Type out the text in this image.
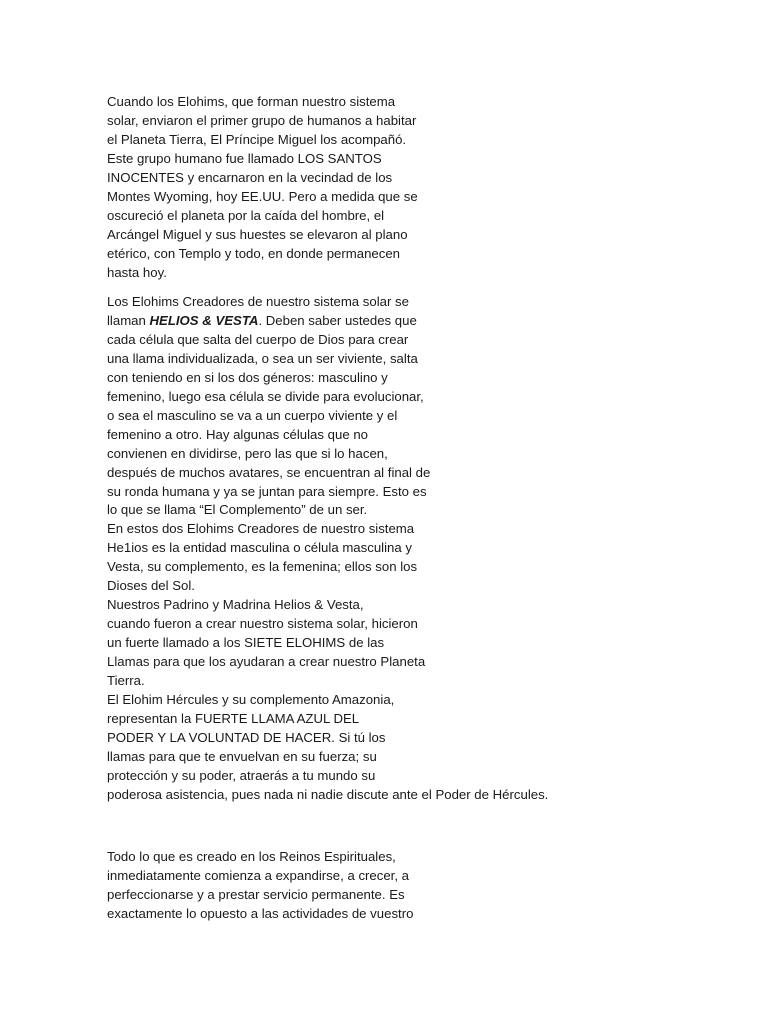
Cuando los Elohims, que forman nuestro sistema
solar, enviaron el primer grupo de humanos a habitar
el Planeta Tierra, El Príncipe Miguel los acompañó.
Este grupo humano fue llamado LOS SANTOS
INOCENTES y encarnaron en la vecindad de los
Montes Wyoming, hoy EE.UU. Pero a medida que se
oscureció el planeta por la caída del hombre, el
Arcángel Miguel y sus huestes se elevaron al plano
etérico, con Templo y todo, en donde permanecen
hasta hoy.
Los Elohims Creadores de nuestro sistema solar se
llaman HELIOS & VESTA. Deben saber ustedes que
cada célula que salta del cuerpo de Dios para crear
una llama individualizada, o sea un ser viviente, salta
con teniendo en si los dos géneros: masculino y
femenino, luego esa célula se divide para evolucionar,
o sea el masculino se va a un cuerpo viviente y el
femenino a otro. Hay algunas células que no
convienen en dividirse, pero las que si lo hacen,
después de muchos avatares, se encuentran al final de
su ronda humana y ya se juntan para siempre. Esto es
lo que se llama “El Complemento” de un ser.
En estos dos Elohims Creadores de nuestro sistema
He1ios es la entidad masculina o célula masculina y
Vesta, su complemento, es la femenina; ellos son los
Dioses del Sol.
Nuestros Padrino y Madrina Helios & Vesta,
cuando fueron a crear nuestro sistema solar, hicieron
un fuerte llamado a los SIETE ELOHIMS de las
Llamas para que los ayudaran a crear nuestro Planeta
Tierra.
El Elohim Hércules y su complemento Amazonia,
representan la FUERTE LLAMA AZUL DEL
PODER Y LA VOLUNTAD DE HACER. Si tú los
llamas para que te envuelvan en su fuerza; su
protección y su poder, atraerás a tu mundo su
poderosa asistencia, pues nada ni nadie discute ante el Poder de Hércules.
Todo lo que es creado en los Reinos Espirituales,
inmediatamente comienza a expandirse, a crecer, a
perfeccionarse y a prestar servicio permanente. Es
exactamente lo opuesto a las actividades de vuestro
